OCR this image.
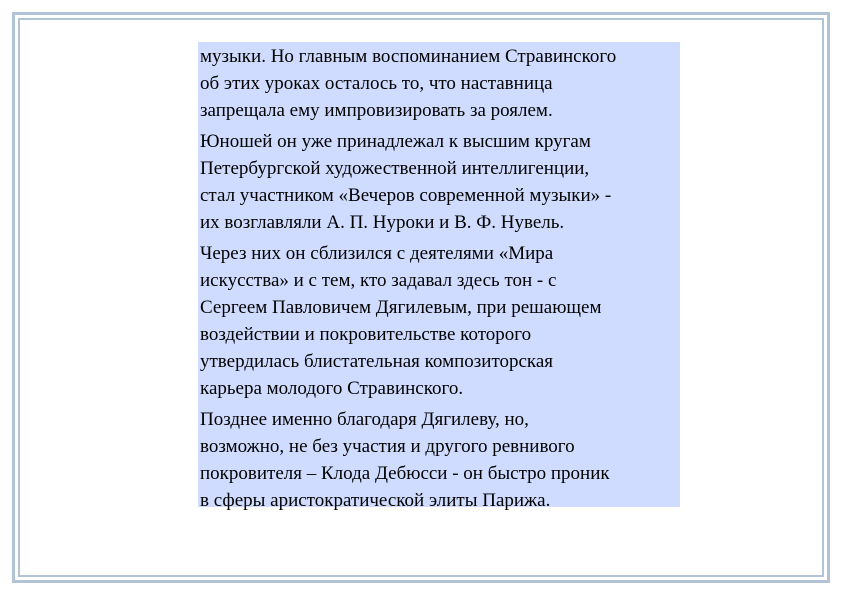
музыки. Но главным воспоминанием Стравинского
об этих уроках осталось то, что наставница
запрещала ему импровизировать за роялем.

Юношей он уже принадлежал к высшим кругам
Петербургской художественной интеллигенции,
стал участником «Вечеров современной музыки» -
их возглавляли А. П. Нуроки и В. Ф. Нувель.

Через них он сблизился с деятелями «Мира
искусства» и с тем, кто задавал здесь тон - с
Сергеем Павловичем Дягилевым, при решающем
воздействии и покровительстве которого
утвердилась блистательная композиторская
карьера молодого Стравинского.

Позднее именно благодаря Дягилеву, но,
возможно, не без участия и другого ревнивого
покровителя – Клода Дебюсси - он быстро проник
в сферы аристократической элиты Парижа.
